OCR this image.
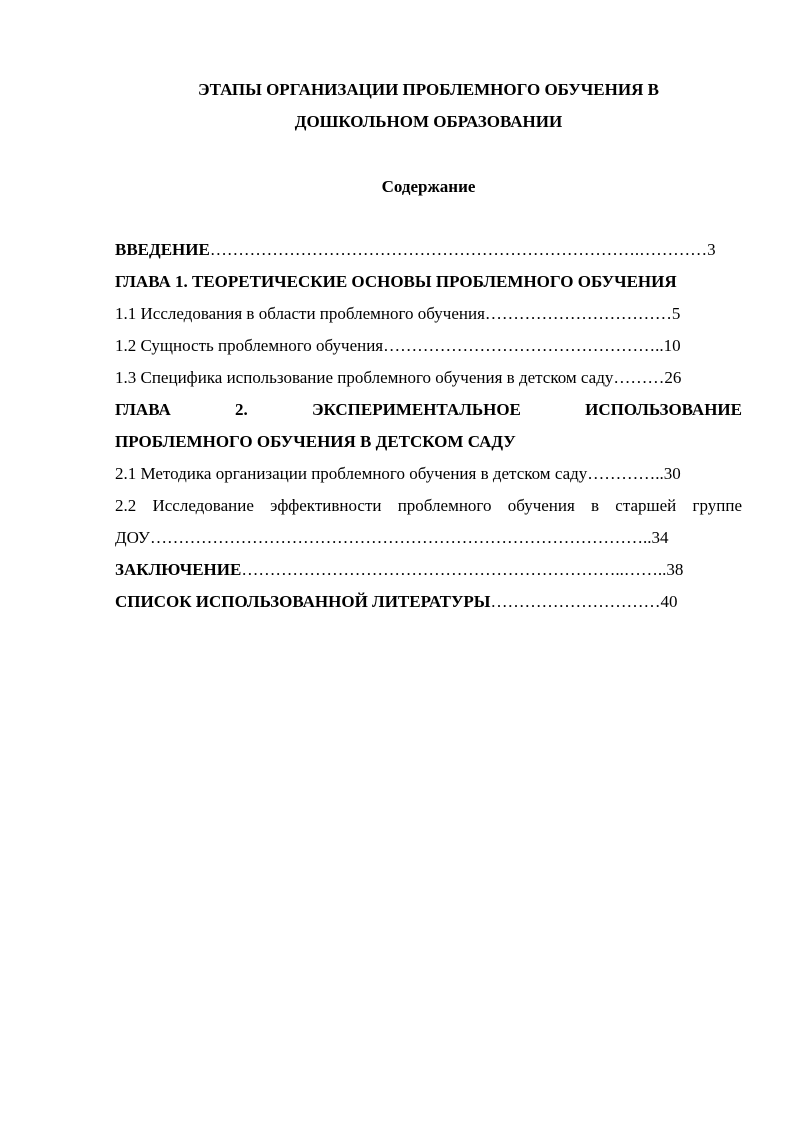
ЭТАПЫ ОРГАНИЗАЦИИ ПРОБЛЕМНОГО ОБУЧЕНИЯ В
ДОШКОЛЬНОМ ОБРАЗОВАНИИ
Содержание
ВВЕДЕНИЕ………………………………………………………………….…………3
ГЛАВА 1. ТЕОРЕТИЧЕСКИЕ ОСНОВЫ ПРОБЛЕМНОГО ОБУЧЕНИЯ
1.1 Исследования в области проблемного обучения……………………………5
1.2 Сущность проблемного обучения…………………………………………..10
1.3 Специфика использование проблемного обучения в детском саду………26
ГЛАВА 2. ЭКСПЕРИМЕНТАЛЬНОЕ ИСПОЛЬЗОВАНИЕ
ПРОБЛЕМНОГО ОБУЧЕНИЯ В ДЕТСКОМ САДУ
2.1 Методика организации проблемного обучения в детском саду…………..30
2.2 Исследование эффективности проблемного обучения в старшей группе
ДОУ……………………………………………………………………………..34
ЗАКЛЮЧЕНИЕ…………………………………………………………..……..38
СПИСОК ИСПОЛЬЗОВАННОЙ ЛИТЕРАТУРЫ…………………………40
